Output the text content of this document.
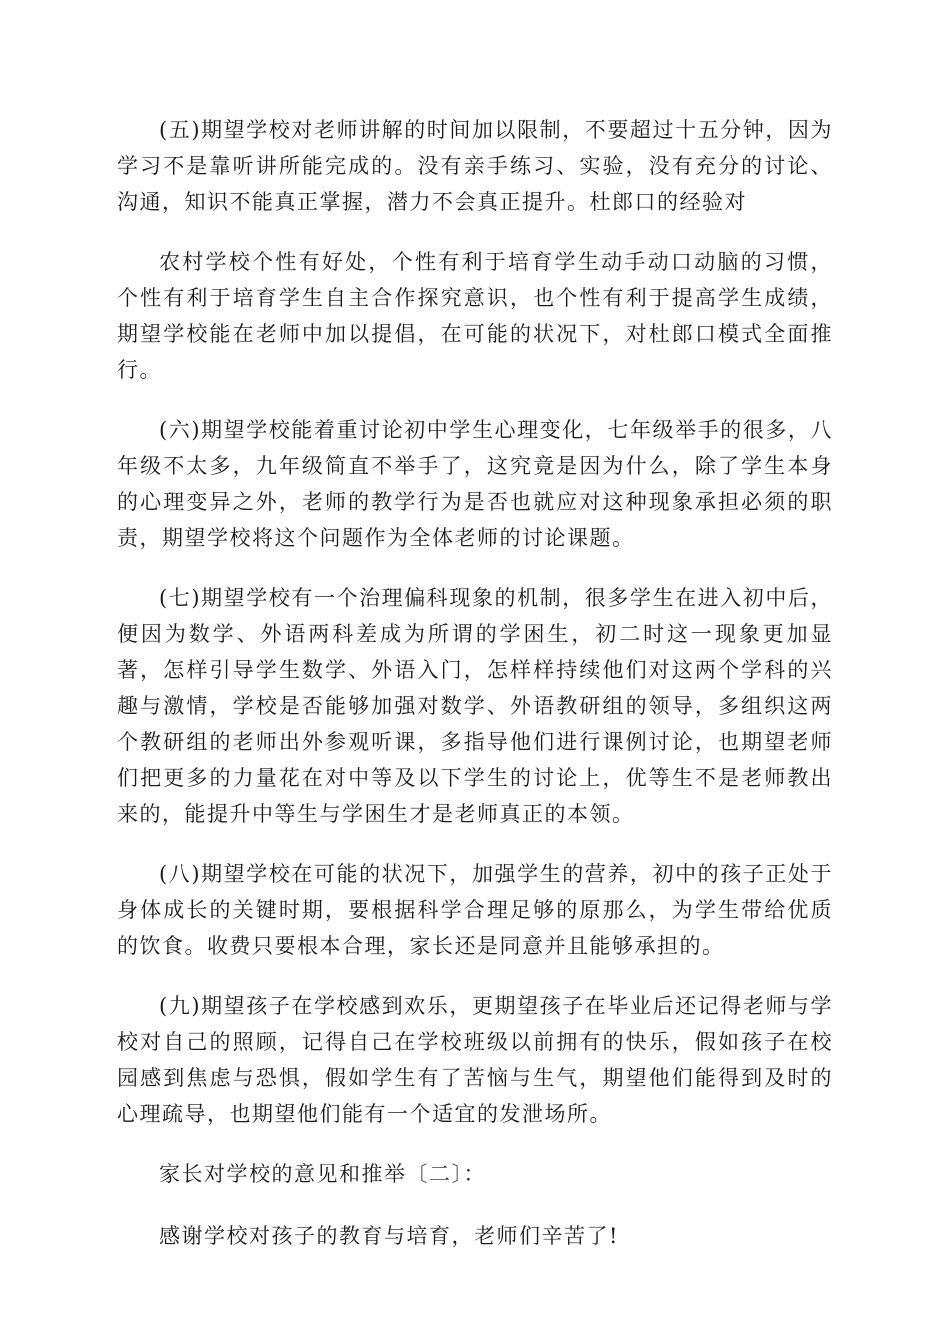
(五)期望学校对老师讲解的时间加以限制，不要超过十五分钟，因为学习不是靠听讲所能完成的。没有亲手练习、实验，没有充分的讨论、沟通，知识不能真正掌握，潜力不会真正提升。杜郎口的经验对

农村学校个性有好处，个性有利于培育学生动手动口动脑的习惯，个性有利于培育学生自主合作探究意识，也个性有利于提高学生成绩，期望学校能在老师中加以提倡，在可能的状况下，对杜郎口模式全面推行。

(六)期望学校能着重讨论初中学生心理变化，七年级举手的很多，八年级不太多，九年级简直不举手了，这究竟是因为什么，除了学生本身的心理变异之外，老师的教学行为是否也就应对这种现象承担必须的职责，期望学校将这个问题作为全体老师的讨论课题。

(七)期望学校有一个治理偏科现象的机制，很多学生在进入初中后，便因为数学、外语两科差成为所谓的学困生，初二时这一现象更加显著，怎样引导学生数学、外语入门，怎样样持续他们对这两个学科的兴趣与激情，学校是否能够加强对数学、外语教研组的领导，多组织这两个教研组的老师出外参观听课，多指导他们进行课例讨论，也期望老师们把更多的力量花在对中等及以下学生的讨论上，优等生不是老师教出来的，能提升中等生与学困生才是老师真正的本领。

(八)期望学校在可能的状况下，加强学生的营养，初中的孩子正处于身体成长的关键时期，要根据科学合理足够的原那么，为学生带给优质的饮食。收费只要根本合理，家长还是同意并且能够承担的。

(九)期望孩子在学校感到欢乐，更期望孩子在毕业后还记得老师与学校对自己的照顾，记得自己在学校班级以前拥有的快乐，假如孩子在校园感到焦虑与恐惧，假如学生有了苦恼与生气，期望他们能得到及时的心理疏导，也期望他们能有一个适宜的发泄场所。

家长对学校的意见和推举〔二〕：

感谢学校对孩子的教育与培育，老师们辛苦了!
